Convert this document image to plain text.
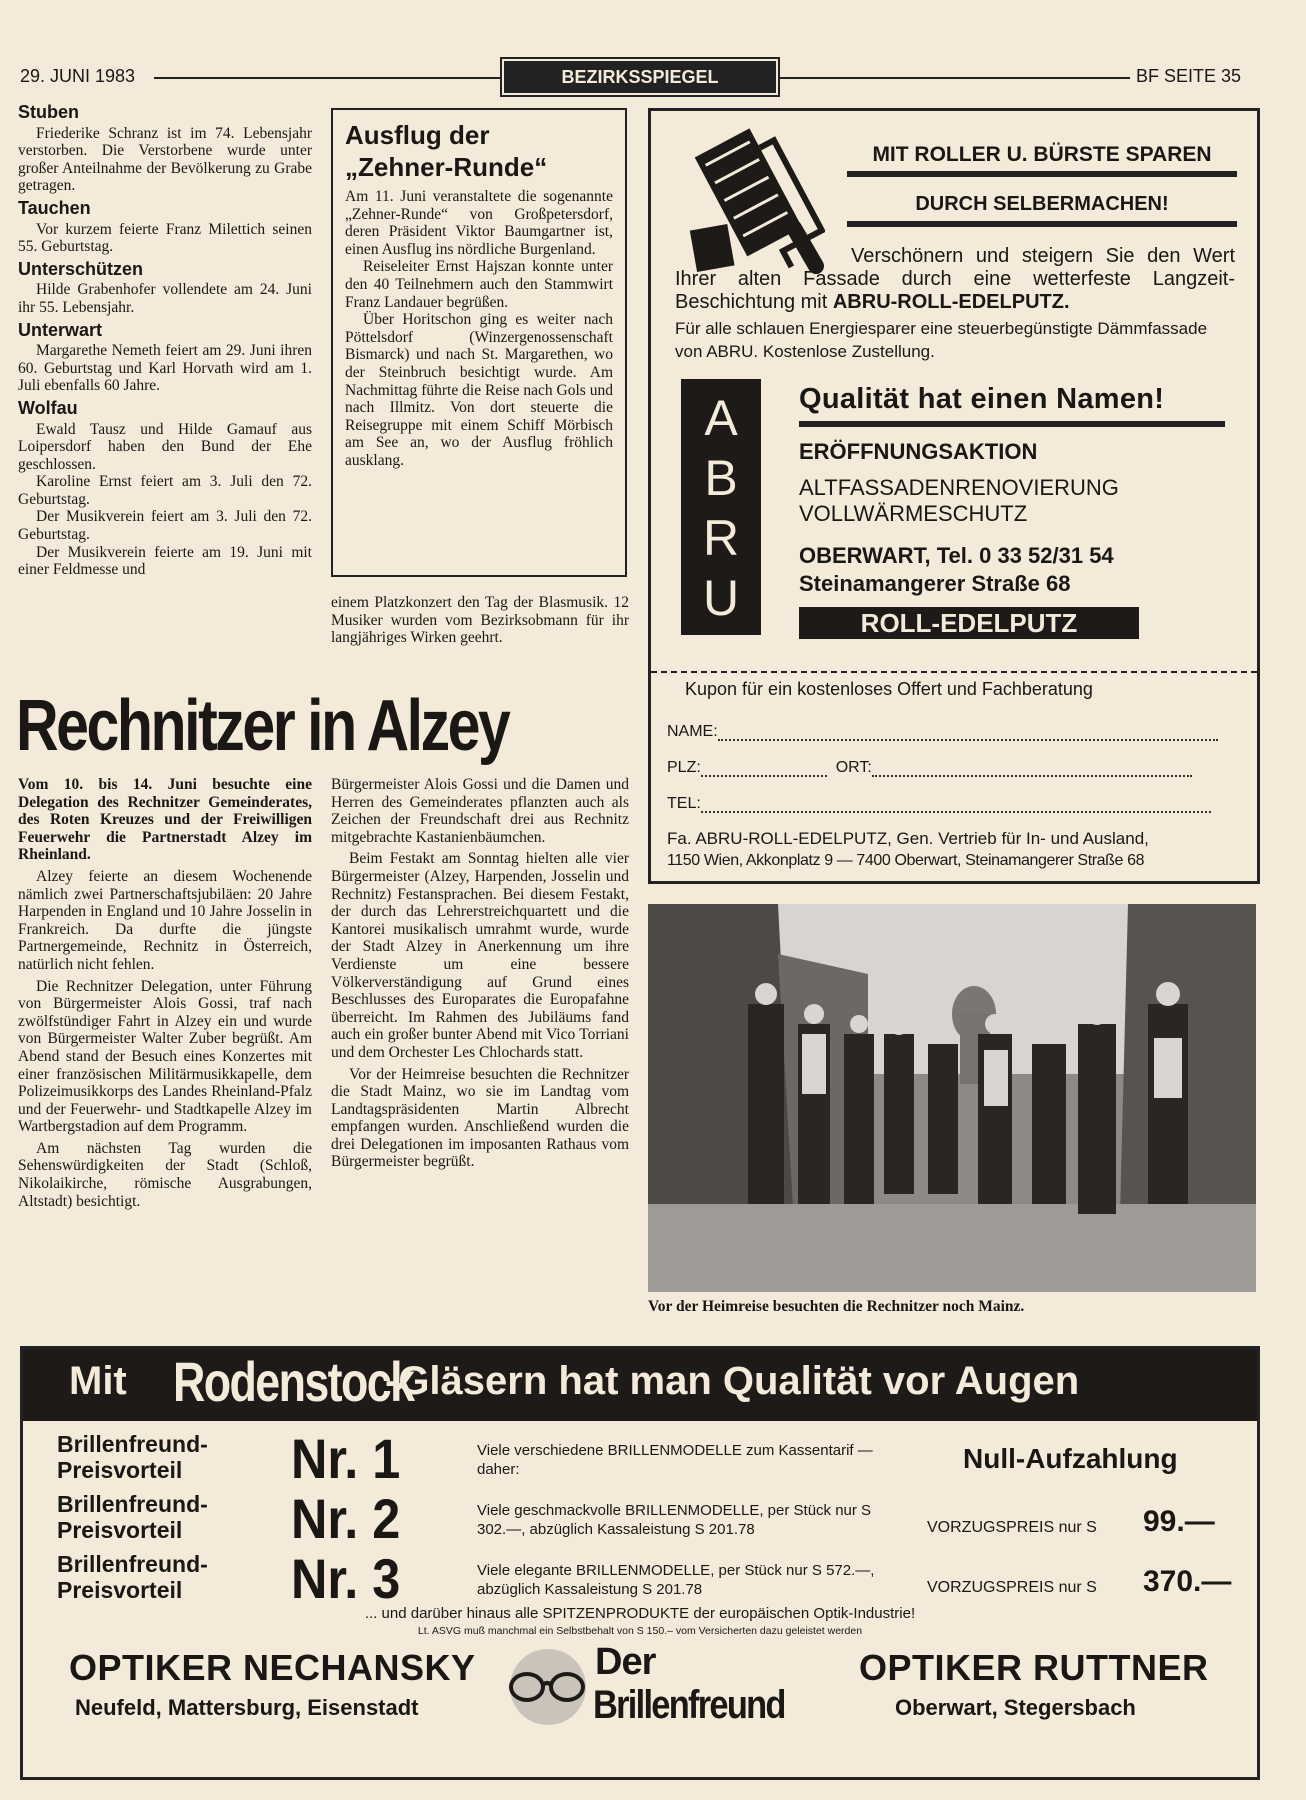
29. JUNI 1983	BEZIRKSSPIEGEL	BF SEITE 35
Stuben

Friederike Schranz ist im 74. Lebensjahr verstorben. Die Verstorbene wurde unter großer Anteilnahme der Bevölkerung zu Grabe getragen.

Tauchen

Vor kurzem feierte Franz Milettich seinen 55. Geburtstag.

Unterschützen

Hilde Grabenhofer vollendete am 24. Juni ihr 55. Lebensjahr.

Unterwart

Margarethe Nemeth feiert am 29. Juni ihren 60. Geburtstag und Karl Horvath wird am 1. Juli ebenfalls 60 Jahre.

Wolfau

Ewald Tausz und Hilde Gamauf aus Loipersdorf haben den Bund der Ehe geschlossen.

Karoline Ernst feiert am 3. Juli den 72. Geburtstag.

Der Musikverein feiert am 3. Juli den 72. Geburtstag.

Der Musikverein feierte am 19. Juni mit einer Feldmesse und

einem Platzkonzert den Tag der Blasmusik. 12 Musiker wurden vom Bezirksobmann für ihr langjähriges Wirken geehrt.

Ausflug der
„Zehner-Runde“

Am 11. Juni veranstaltete die sogenannte „Zehner-Runde“ von Großpetersdorf, deren Präsident Viktor Baumgartner ist, einen Ausflug ins nördliche Burgenland.

Reiseleiter Ernst Hajszan konnte unter den 40 Teilnehmern auch den Stammwirt Franz Landauer begrüßen.

Über Horitschon ging es weiter nach Pöttelsdorf (Winzergenossenschaft Bismarck) und nach St. Margarethen, wo der Steinbruch besichtigt wurde. Am Nachmittag führte die Reise nach Gols und nach Illmitz. Von dort steuerte die Reisegruppe mit einem Schiff Mörbisch am See an, wo der Ausflug fröhlich ausklang.

MIT ROLLER U. BÜRSTE SPAREN
DURCH SELBERMACHEN!
Verschönern und steigern Sie den Wert Ihrer alten Fassade durch eine wetterfeste Langzeit-Beschichtung mit ABRU-ROLL-EDELPUTZ.
Für alle schlauen Energiesparer eine steuerbegünstigte Dämmfassade von ABRU. Kostenlose Zustellung.
A
B
R
U
Qualität hat einen Namen!
ERÖFFNUNGSAKTION
ALTFASSADENRENOVIERUNG
VOLLWÄRMESCHUTZ
OBERWART, Tel. 0 33 52/31 54
Steinamangerer Straße 68
ROLL-EDELPUTZ
Kupon für ein kostenloses Offert und Fachberatung
NAME:
PLZ:	ORT:
TEL:
Fa. ABRU-ROLL-EDELPUTZ, Gen. Vertrieb für In- und Ausland,
1150 Wien, Akkonplatz 9 — 7400 Oberwart, Steinamangerer Straße 68
Rechnitzer in Alzey

Vom 10. bis 14. Juni besuchte eine Delegation des Rechnitzer Gemeinderates, des Roten Kreuzes und der Freiwilligen Feuerwehr die Partnerstadt Alzey im Rheinland.

Alzey feierte an diesem Wochenende nämlich zwei Partnerschaftsjubiläen: 20 Jahre Harpenden in England und 10 Jahre Josselin in Frankreich. Da durfte die jüngste Partnergemeinde, Rechnitz in Österreich, natürlich nicht fehlen.

Die Rechnitzer Delegation, unter Führung von Bürgermeister Alois Gossi, traf nach zwölfstündiger Fahrt in Alzey ein und wurde von Bürgermeister Walter Zuber begrüßt. Am Abend stand der Besuch eines Konzertes mit einer französischen Militärmusikkapelle, dem Polizeimusikkorps des Landes Rheinland-Pfalz und der Feuerwehr- und Stadtkapelle Alzey im Wartbergstadion auf dem Programm.

Am nächsten Tag wurden die Sehenswürdigkeiten der Stadt (Schloß, Nikolaikirche, römische Ausgrabungen, Altstadt) besichtigt.

Bürgermeister Alois Gossi und die Damen und Herren des Gemeinderates pflanzten auch als Zeichen der Freundschaft drei aus Rechnitz mitgebrachte Kastanienbäumchen.

Beim Festakt am Sonntag hielten alle vier Bürgermeister (Alzey, Harpenden, Josselin und Rechnitz) Festansprachen. Bei diesem Festakt, der durch das Lehrerstreichquartett und die Kantorei musikalisch umrahmt wurde, wurde der Stadt Alzey in Anerkennung um ihre Verdienste um eine bessere Völkerverständigung auf Grund eines Beschlusses des Europarates die Europafahne überreicht. Im Rahmen des Jubiläums fand auch ein großer bunter Abend mit Vico Torriani und dem Orchester Les Chlochards statt.

Vor der Heimreise besuchten die Rechnitzer die Stadt Mainz, wo sie im Landtag vom Landtagspräsidenten Martin Albrecht empfangen wurden. Anschließend wurden die drei Delegationen im imposanten Rathaus vom Bürgermeister begrüßt.

Vor der Heimreise besuchten die Rechnitzer noch Mainz.
Mit Rodenstock
-Gläsern hat man Qualität vor Augen
Brillenfreund-
Preisvorteil Nr. 1	Viele verschiedene BRILLENMODELLE zum Kassentarif — daher:	Null-Aufzahlung
Brillenfreund-
Preisvorteil Nr. 2	Viele geschmackvolle BRILLENMODELLE, per Stück nur S 302.—, abzüglich Kassaleistung S 201.78	VORZUGSPREIS nur S 99.—
Brillenfreund-
Preisvorteil Nr. 3	Viele elegante BRILLENMODELLE, per Stück nur S 572.—, abzüglich Kassaleistung S 201.78	VORZUGSPREIS nur S 370.—
... und darüber hinaus alle SPITZENPRODUKTE der europäischen Optik-Industrie!
Lt. ASVG muß manchmal ein Selbstbehalt von S 150.– vom Versicherten dazu geleistet werden
OPTIKER NECHANSKY
Neufeld, Mattersburg, Eisenstadt
Der
Brillenfreund
OPTIKER RUTTNER
Oberwart, Stegersbach
